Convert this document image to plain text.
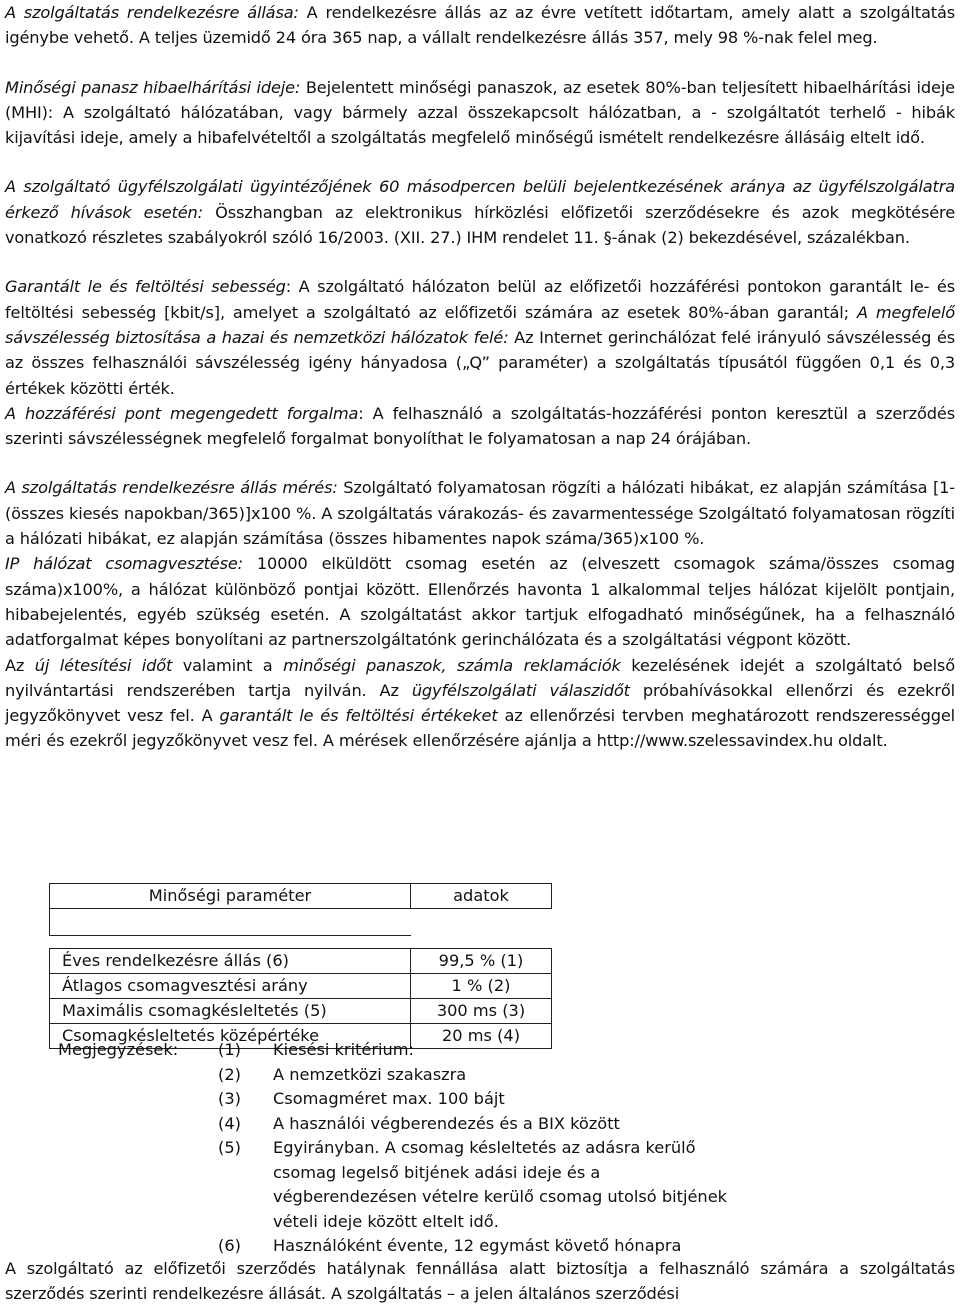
A szolgáltatás rendelkezésre állása: A rendelkezésre állás az az évre vetített időtartam, amely alatt a szolgáltatás igénybe vehető. A teljes üzemidő 24 óra 365 nap, a vállalt rendelkezésre állás 357, mely 98 %-nak felel meg.

Minőségi panasz hibaelhárítási ideje: Bejelentett minőségi panaszok, az esetek 80%-ban teljesített hibaelhárítási ideje (MHI): A szolgáltató hálózatában, vagy bármely azzal összekapcsolt hálózatban, a - szolgáltatót terhelő - hibák kijavítási ideje, amely a hibafelvételtől a szolgáltatás megfelelő minőségű ismételt rendelkezésre állásáig eltelt idő.

A szolgáltató ügyfélszolgálati ügyintézőjének 60 másodpercen belüli bejelentkezésének aránya az ügyfélszolgálatra érkező hívások esetén: Összhangban az elektronikus hírközlési előfizetői szerződésekre és azok megkötésére vonatkozó részletes szabályokról szóló 16/2003. (XII. 27.) IHM rendelet 11. §-ának (2) bekezdésével, százalékban.

Garantált le és feltöltési sebesség: A szolgáltató hálózaton belül az előfizetői hozzáférési pontokon garantált le- és feltöltési sebesség [kbit/s], amelyet a szolgáltató az előfizetői számára az esetek 80%-ában garantál; A megfelelő sávszélesség biztosítása a hazai és nemzetközi hálózatok felé: Az Internet gerinchálózat felé irányuló sávszélesség és az összes felhasználói sávszélesség igény hányadosa („Q” paraméter) a szolgáltatás típusától függően 0,1 és 0,3 értékek közötti érték.
A hozzáférési pont megengedett forgalma: A felhasználó a szolgáltatás-hozzáférési ponton keresztül a szerződés szerinti sávszélességnek megfelelő forgalmat bonyolíthat le folyamatosan a nap 24 órájában.

A szolgáltatás rendelkezésre állás mérés: Szolgáltató folyamatosan rögzíti a hálózati hibákat, ez alapján számítása [1-(összes kiesés napokban/365)]x100 %. A szolgáltatás várakozás- és zavarmentessége Szolgáltató folyamatosan rögzíti a hálózati hibákat, ez alapján számítása (összes hibamentes napok száma/365)x100 %.
IP hálózat csomagvesztése: 10000 elküldött csomag esetén az (elveszett csomagok száma/összes csomag száma)x100%, a hálózat különböző pontjai között. Ellenőrzés havonta 1 alkalommal teljes hálózat kijelölt pontjain, hibabejelentés, egyéb szükség esetén. A szolgáltatást akkor tartjuk elfogadható minőségűnek, ha a felhasználó adatforgalmat képes bonyolítani az partnerszolgáltatónk gerinchálózata és a szolgáltatási végpont között.
Az új létesítési időt valamint a minőségi panaszok, számla reklamációk kezelésének idejét a szolgáltató belső nyilvántartási rendszerében tartja nyilván. Az ügyfélszolgálati válaszidőt próbahívásokkal ellenőrzi és ezekről jegyzőkönyvet vesz fel. A garantált le és feltöltési értékeket az ellenőrzési tervben meghatározott rendszerességgel méri és ezekről jegyzőkönyvet vesz fel. A mérések ellenőrzésére ajánlja a http://www.szelessavindex.hu oldalt.

Minőségi paraméter	adatok

Éves rendelkezésre állás (6)	99,5 % (1)
Átlagos csomagvesztési arány	1 % (2)
Maximális csomagkésleltetés (5)	300 ms (3)
Csomagkésleltetés középértéke	20 ms (4)
Megjegyzések:	(1)	Kiesési kritérium:
(2)	A nemzetközi szakaszra
(3)	Csomagméret max. 100 bájt
(4)	A használói végberendezés és a BIX között
(5)	Egyirányban. A csomag késleltetés az adásra kerülő csomag legelső bitjének adási ideje és a végberendezésen vételre kerülő csomag utolsó bitjének vételi ideje között eltelt idő.
(6)	Használóként évente, 12 egymást követő hónapra

A szolgáltató az előfizetői szerződés hatálynak fennállása alatt biztosítja a felhasználó számára a szolgáltatás szerződés szerinti rendelkezésre állását. A szolgáltatás – a jelen általános szerződési
